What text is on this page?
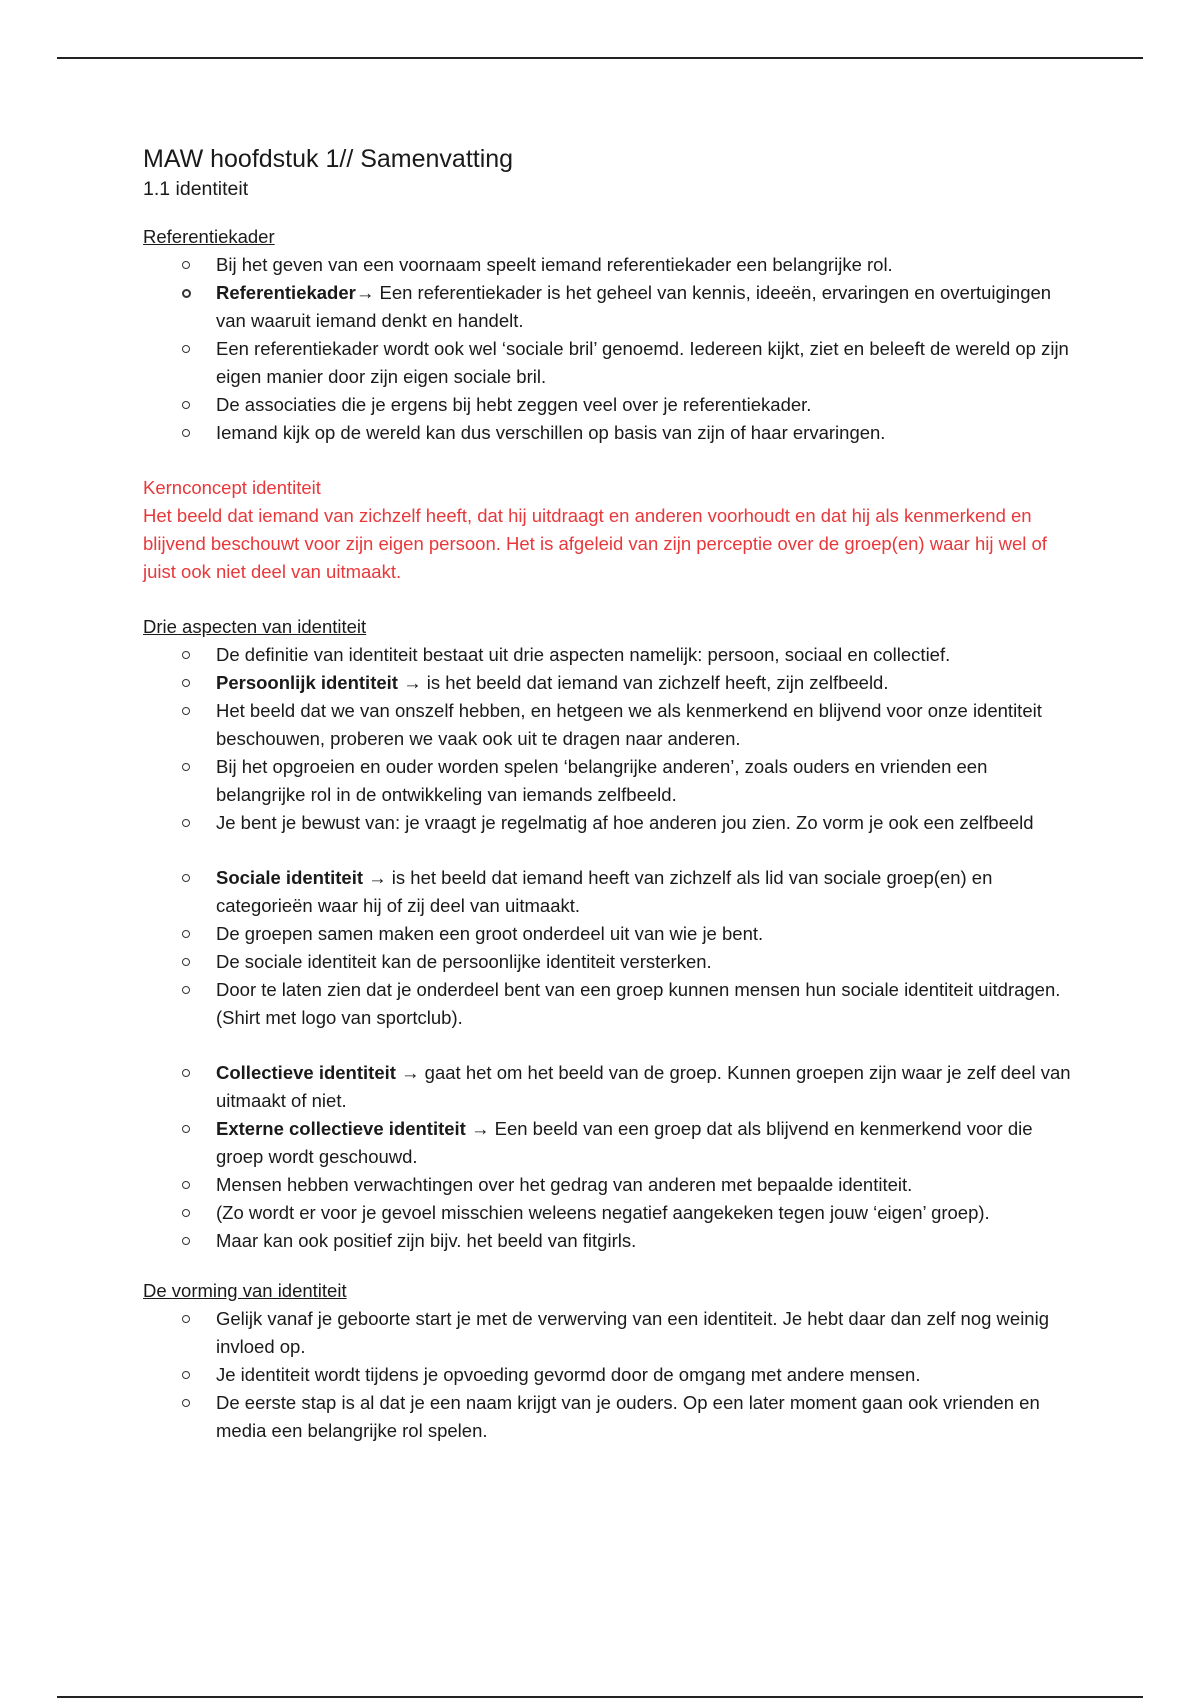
MAW hoofdstuk 1// Samenvatting
1.1 identiteit
Referentiekader
Bij het geven van een voornaam speelt iemand referentiekader een belangrijke rol.
Referentiekader→ Een referentiekader is het geheel van kennis, ideeën, ervaringen en overtuigingen van waaruit iemand denkt en handelt.
Een referentiekader wordt ook wel ‘sociale bril’ genoemd. Iedereen kijkt, ziet en beleeft de wereld op zijn eigen manier door zijn eigen sociale bril.
De associaties die je ergens bij hebt zeggen veel over je referentiekader.
Iemand kijk op de wereld kan dus verschillen op basis van zijn of haar ervaringen.
Kernconcept identiteit
Het beeld dat iemand van zichzelf heeft, dat hij uitdraagt en anderen voorhoudt en dat hij als kenmerkend en blijvend beschouwt voor zijn eigen persoon. Het is afgeleid van zijn perceptie over de groep(en) waar hij wel of juist ook niet deel van uitmaakt.
Drie aspecten van identiteit
De definitie van identiteit bestaat uit drie aspecten namelijk: persoon, sociaal en collectief.
Persoonlijk identiteit → is het beeld dat iemand van zichzelf heeft, zijn zelfbeeld.
Het beeld dat we van onszelf hebben, en hetgeen we als kenmerkend en blijvend voor onze identiteit beschouwen, proberen we vaak ook uit te dragen naar anderen.
Bij het opgroeien en ouder worden spelen ‘belangrijke anderen’, zoals ouders en vrienden een belangrijke rol in de ontwikkeling van iemands zelfbeeld.
Je bent je bewust van: je vraagt je regelmatig af hoe anderen jou zien. Zo vorm je ook een zelfbeeld
Sociale identiteit → is het beeld dat iemand heeft van zichzelf als lid van sociale groep(en) en categorieën waar hij of zij deel van uitmaakt.
De groepen samen maken een groot onderdeel uit van wie je bent.
De sociale identiteit kan de persoonlijke identiteit versterken.
Door te laten zien dat je onderdeel bent van een groep kunnen mensen hun sociale identiteit uitdragen. (Shirt met logo van sportclub).
Collectieve identiteit → gaat het om het beeld van de groep. Kunnen groepen zijn waar je zelf deel van uitmaakt of niet.
Externe collectieve identiteit → Een beeld van een groep dat als blijvend en kenmerkend voor die groep wordt geschouwd.
Mensen hebben verwachtingen over het gedrag van anderen met bepaalde identiteit.
(Zo wordt er voor je gevoel misschien weleens negatief aangekeken tegen jouw ‘eigen’ groep).
Maar kan ook positief zijn bijv. het beeld van fitgirls.
De vorming van identiteit
Gelijk vanaf je geboorte start je met de verwerving van een identiteit. Je hebt daar dan zelf nog weinig invloed op.
Je identiteit wordt tijdens je opvoeding gevormd door de omgang met andere mensen.
De eerste stap is al dat je een naam krijgt van je ouders. Op een later moment gaan ook vrienden en media een belangrijke rol spelen.
